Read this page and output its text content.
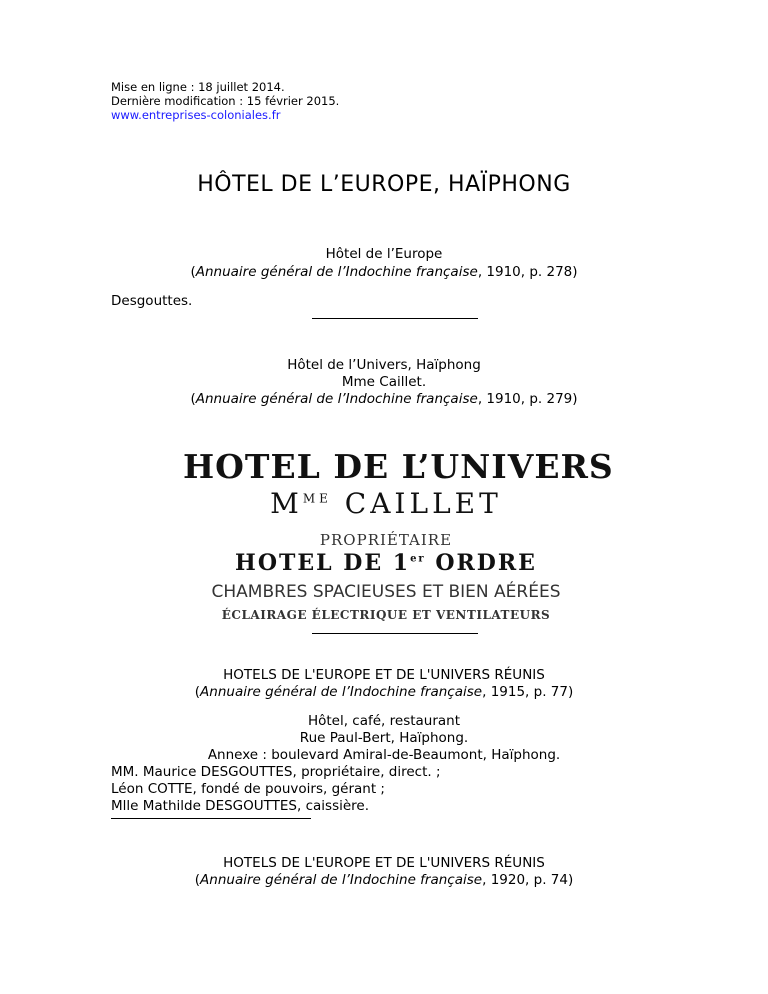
Mise en ligne : 18 juillet 2014.
Dernière modification : 15 février 2015.
www.entreprises-coloniales.fr
HÔTEL DE L’EUROPE, HAÏPHONG
Hôtel de l’Europe
(Annuaire général de l’Indochine française, 1910, p. 278)
Desgouttes.
Hôtel de l’Univers, Haïphong
Mme Caillet.
(Annuaire général de l’Indochine française, 1910, p. 279)
HOTEL DE L’UNIVERS
$M^{ME}$ CAILLET
PROPRIÉTAIRE
HOTEL DE 1er ORDRE
CHAMBRES SPACIEUSES ET BIEN AÉRÉES
ÉCLAIRAGE ÉLECTRIQUE ET VENTILATEURS
HOTELS DE L'EUROPE ET DE L'UNIVERS RÉUNIS
(Annuaire général de l’Indochine française, 1915, p. 77)
Hôtel, café, restaurant
Rue Paul-Bert, Haïphong.
Annexe : boulevard Amiral-de-Beaumont, Haïphong.
MM. Maurice DESGOUTTES, propriétaire, direct. ;
Léon COTTE, fondé de pouvoirs, gérant ;
Mlle Mathilde DESGOUTTES, caissière.
HOTELS DE L'EUROPE ET DE L'UNIVERS RÉUNIS
(Annuaire général de l’Indochine française, 1920, p. 74)
